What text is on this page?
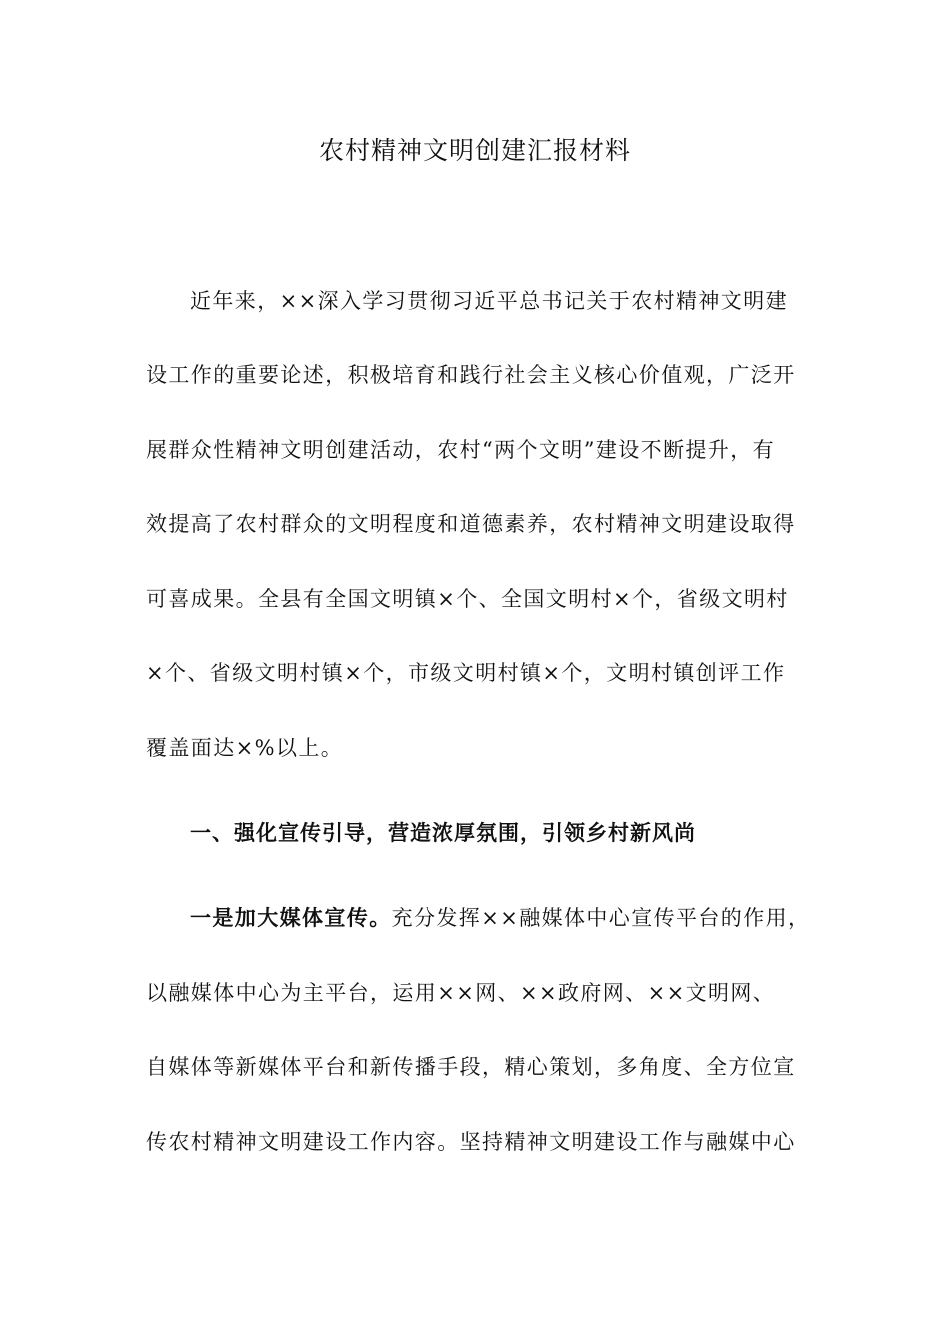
农村精神文明创建汇报材料
近年来，××深入学习贯彻习近平总书记关于农村精神文明建
设工作的重要论述，积极培育和践行社会主义核心价值观，广泛开
展群众性精神文明创建活动，农村“两个文明”建设不断提升，有
效提高了农村群众的文明程度和道德素养，农村精神文明建设取得
可喜成果。全县有全国文明镇×个、全国文明村×个，省级文明村
×个、省级文明村镇×个，市级文明村镇×个，文明村镇创评工作
覆盖面达×%以上。
一、强化宣传引导，营造浓厚氛围，引领乡村新风尚
一是加大媒体宣传。充分发挥××融媒体中心宣传平台的作用，
以融媒体中心为主平台，运用××网、××政府网、××文明网、
自媒体等新媒体平台和新传播手段，精心策划，多角度、全方位宣
传农村精神文明建设工作内容。坚持精神文明建设工作与融媒中心
